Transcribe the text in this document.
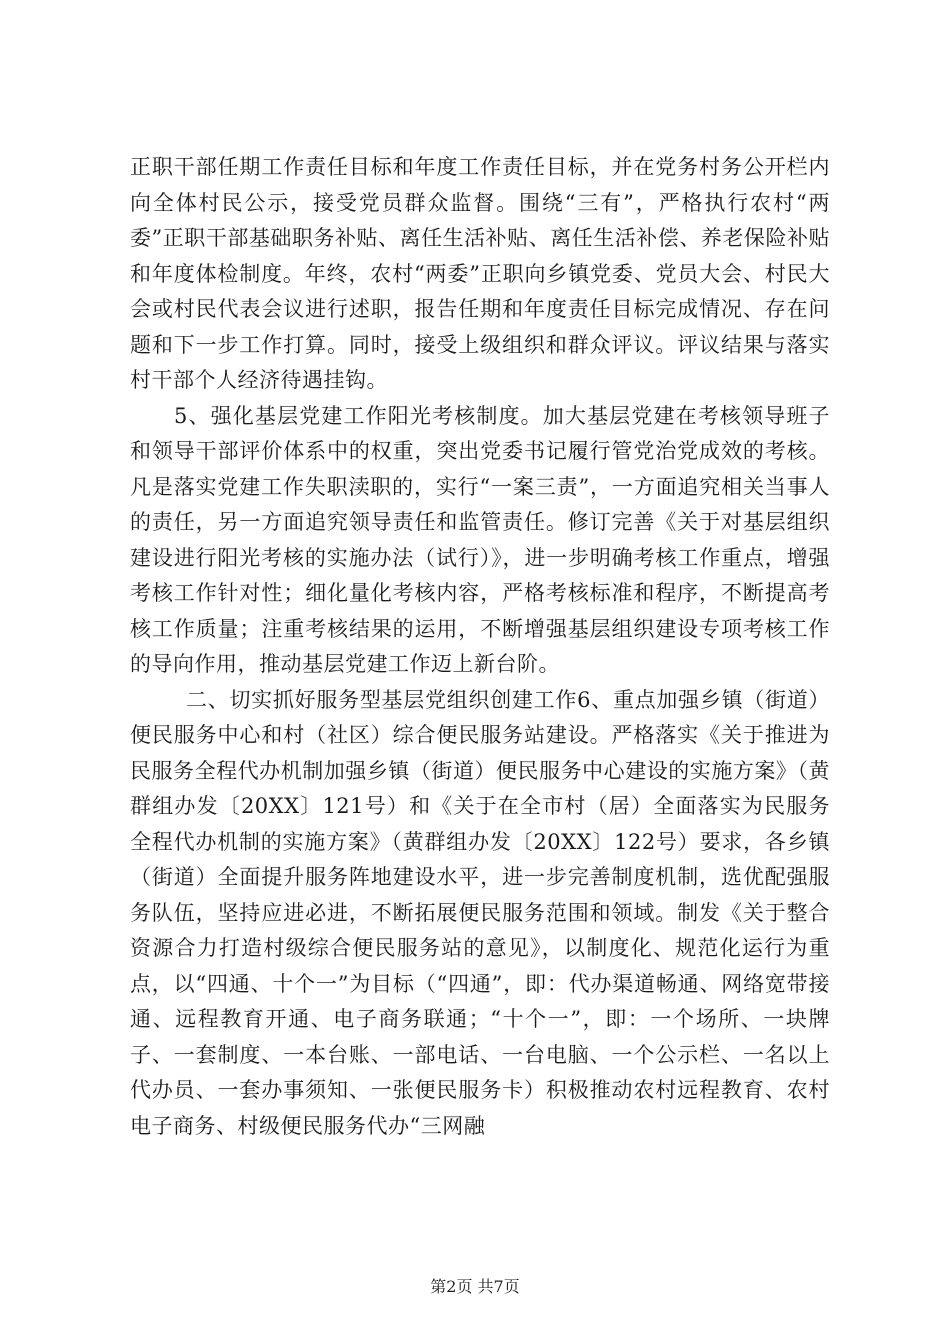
正职干部任期工作责任目标和年度工作责任目标，并在党务村务公开栏内向全体村民公示，接受党员群众监督。围绕“三有”，严格执行农村“两委”正职干部基础职务补贴、离任生活补贴、离任生活补偿、养老保险补贴和年度体检制度。年终，农村“两委”正职向乡镇党委、党员大会、村民大会或村民代表会议进行述职，报告任期和年度责任目标完成情况、存在问题和下一步工作打算。同时，接受上级组织和群众评议。评议结果与落实村干部个人经济待遇挂钩。

5、强化基层党建工作阳光考核制度。加大基层党建在考核领导班子和领导干部评价体系中的权重，突出党委书记履行管党治党成效的考核。凡是落实党建工作失职渎职的，实行“一案三责”，一方面追究相关当事人的责任，另一方面追究领导责任和监管责任。修订完善《关于对基层组织建设进行阳光考核的实施办法（试行）》，进一步明确考核工作重点，增强考核工作针对性；细化量化考核内容，严格考核标准和程序，不断提高考核工作质量；注重考核结果的运用，不断增强基层组织建设专项考核工作的导向作用，推动基层党建工作迈上新台阶。

二、切实抓好服务型基层党组织创建工作6、重点加强乡镇（街道）便民服务中心和村（社区）综合便民服务站建设。严格落实《关于推进为民服务全程代办机制加强乡镇（街道）便民服务中心建设的实施方案》（黄群组办发〔20XX〕121号）和《关于在全市村（居）全面落实为民服务全程代办机制的实施方案》（黄群组办发〔20XX〕122号）要求，各乡镇（街道）全面提升服务阵地建设水平，进一步完善制度机制，选优配强服务队伍，坚持应进必进，不断拓展便民服务范围和领域。制发《关于整合资源合力打造村级综合便民服务站的意见》，以制度化、规范化运行为重点，以“四通、十个一”为目标（“四通”，即：代办渠道畅通、网络宽带接通、远程教育开通、电子商务联通；“十个一”，即：一个场所、一块牌子、一套制度、一本台账、一部电话、一台电脑、一个公示栏、一名以上代办员、一套办事须知、一张便民服务卡）积极推动农村远程教育、农村电子商务、村级便民服务代办“三网融

第2页 共7页
